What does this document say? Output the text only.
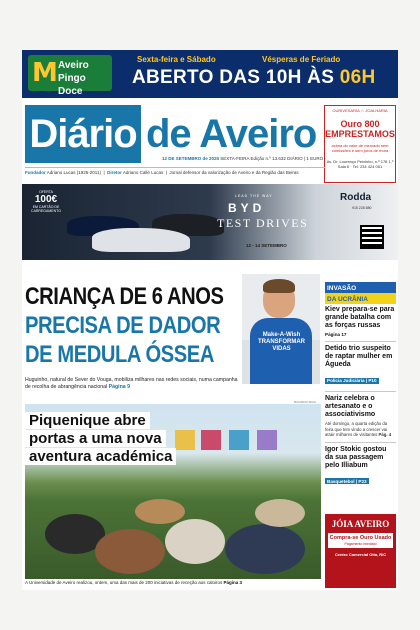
M Aveiro
Pingo Doce
Sexta-feira e Sábado	Vésperas de Feriado
ABERTO DAS 10H ÀS 06H
Diário de Aveiro
OURIVESARIA ☆ JOALHARIA
Ouro 800 EMPRESTAMOS
acima do valor de mercado sem comissões e sem juros de mora
Av. Dr. Lourenço Peixinho, n.º 178 1.º Sala 6 · Tel. 234 424 051
12 DE SETEMBRO de 2025 SEXTA-FEIRA Edição n.º 13.632 DIÁRIO | 1 EURO
Fundador Adriano Lucas (1925-2011)  |  Diretor Adriano Callé Lucas  |  Jornal defensor da valorização de Aveiro e da Região das Beiras
OFERTA
100€
EM CARTÃO DE CARREGAMENTO
LEAD THE WAY
BYD
TEST DRIVES
12 - 14 SETEMBRO
Rodda
915 228 880
CRIANÇA DE 6 ANOS
PRECISA DE DADOR
DE MEDULA ÓSSEA
Make-A-Wish TRANSFORMAR VIDAS
Huguinho, natural de Sever do Vouga, mobiliza milhares nas redes sociais, numa campanha de recolha de abrangência nacional Página 9
INVASÃO
DA UCRÂNIA
Kiev prepara-se para grande batalha com as forças russas
Página 17
Detido trio suspeito de raptar mulher em Águeda
Polícia Judiciária | P10
Nariz celebra o artesanato e o associativismo
Até domingo, a quarta edição da feira que tem vindo a crescer vai atrair milhares de visitantes Pág. 4
Igor Stokic gostou da sua passagem pelo Illiabum
Basquetebol | P23
JÓIA AVEIRO
Compra-se Ouro Usado
Pagamento imediato
Centro Comercial Oita, R/C
RICARDO MAIA
Piquenique abre
portas a uma nova
aventura académica
A Universidade de Aveiro realizou, ontem, uma das mais de 200 iniciativas de receção aos caloiros Página 3
